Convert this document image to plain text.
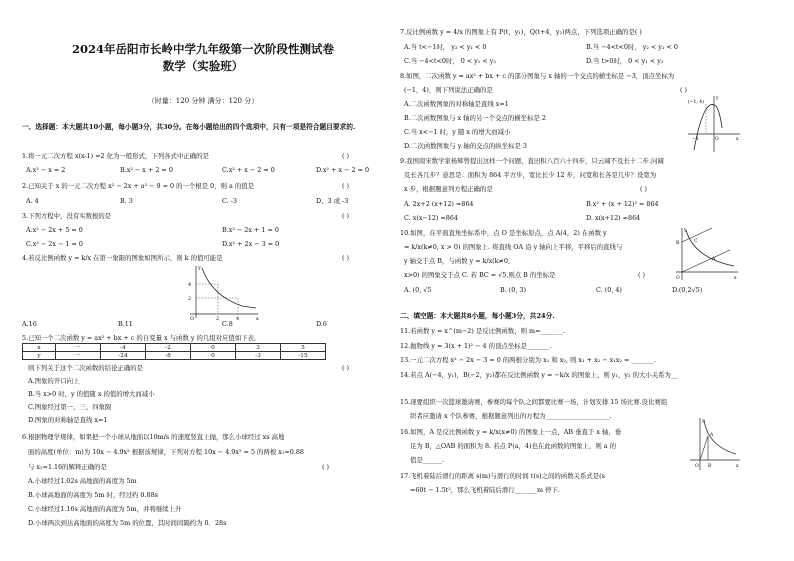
2024年岳阳市长岭中学九年级第一次阶段性测试卷
数学（实验班）
（时量：120 分钟 满分：120 分）
一、选择题：本大题共10小题，每小题3分，共30分。在每小题给出的四个选项中，只有一项是符合题目要求的.
1.将一元二次方程 x(x-1) =2 化为一般形式，下列各式中正确的是	( )
A.x² − x = 2	B.x² − x + 2 = 0	C.x² + x − 2 = 0	D.x² + x − 2 = 0
2.已知关于 x 的一元二次方程 x² − 2x + a² − 9 = 0 的一个根是 0，则 a 的值是	( )
A. 4	B. 3	C. -3	D、3 或 -3
3.下列方程中，没有实数根的是	( )
A.x² − 2x + 5 = 0	B.x² − 2x + 1 = 0
C.x² − 2x − 1 = 0	D.x² + 2x − 3 = 0
4.若反比例函数 y = k/x 在第一象限的图象如图所示，则 k 的值可能是	( )
4
2
2	4
O	x
y
A.16	B.11	C.8	D.6
5.已知一个二次函数 y = ax² + bx + c 的自变量 x 与函数 y 的几组对应值如下表,
x	···	-4	-2	0	3	5
y	···	-24	-8	0	-3	-15
则下列关于这个二次函数的结论正确的是	( )
A.图象的开口向上
B.当 x>0 时，y 的值随 x 的值的增大而减小
C.图象经过第一、三、四象限
D.图象的对称轴是直线 x=1
6.根据物理学规律，如果把一个小球从地面以10m/s 的速度竖直上抛，那么小球经过 xs 高地
面的高度(单位：m)为 10x − 4.9x² 根据该规律，下列对方程 10x − 4.9x² = 5 的两根 x₁≈0.88
与 x₂≈1.16的解释正确的是	( )
A.小球经过1.02s 高地面的高度为 5m
B.小球高地面的高度为 5m 时，经过约 0.88s
C.小球经过1.16s 高地面的高度为 5m，并将继续上升
D.小球两次到达高地面的高度为 5m 的位置，其时间间隔约为 0．28s
7.反比例函数 y = 4/x 的图象上有 P(t，y₁)，Q(t+4，y₂)两点，下列选项正确的是( )
A.当 t<−1时， y₂ < y₁ < 0	B.当 −4<t<0时， y₂ < y₁ < 0
C.当 −4<t<0时， 0 < y₁ < y₂	D.当 t>0时， 0 < y₁ < y₂
8.如图，二次函数 y = ax² + bx + c 的部分图象与 x 轴的一个交点的横坐标是 −3，顶点坐标为
(−1，4)，则下列说法正确的是	( )
A.二次函数图象的对称轴是直线 x=1
B.二次函数图象与 x 轴的另一个交点的横坐标是 2
C.当 x<−1 时，y 随 x 的增大而减小
D.二次函数图象与 y 轴的交点的纵坐标是 3
(−1, 4)
−3	O	x
y
9.我国南宋数学家杨辉曾提出这样一个问题，直田积八百六十四步，只云阔不及长十二步.问阔
及长各几步？意思是：面积为 864 平方步，宽比长少 12 步，问宽和长各是几步？设宽为
x 步，根据题意列方程正确的是	( )
A. 2x+2 (x+12) =864	B.x² + (x + 12)² = 864
C. x(x−12) =864	D. x(x+12) =864
10.如图，在平面直角坐标系中，点 O 是坐标原点，点 A(4，2) 在函数 y
= k/x(k≠0, x > 0) 的图象上. 将直线 OA 沿 y 轴向上平移，平移后的直线与
y 轴交于点 B，与函数 y = k/x(k≠0,
x>0) 的图象交于点 C. 若 BC = √5,则点 B 的坐标是	( )
A. (0, √5	B. (0, 3)	C. (0, 4)	D.(0,2√5)
B	C
A
O	x
y
二、填空题：本大题共8小题，每小题3分，共24分.
11.若函数 y = x^(m−2) 是反比例函数，则 m=_______.
12.抛物线 y = 3(x + 1)² − 4 的顶点坐标是_______.
13.一元二次方程 x² − 2x − 3 = 0 的两根分别为 x₁ 和 x₂, 则 x₁ + x₂ − x₁x₂ = _______.
14.若点 A(−4，y₁)，B(−2，y₂)都在反比例函数 y = −k/x 的图象上，则 y₁，y₂ 的大小关系为__
15.现要组织一次篮球邀请赛，参赛的每个队之间都要比赛一场，计划安排 15 场比赛.设比赛组
织者应邀请 x 个队参赛，根据题意列出的方程为____________________.
16.如图，A 是反比例函数 y = k/x(x≠0) 的图象上一点，AB 垂直于 x 轴，垂
足为 B，△OAB 的面积为 8. 若点 P(a，4)也在此函数的图象上，则 a 的
值是______.
A
B
O	x
y
17.飞机着陆后滑行的距离 s(m)与滑行的时间 t(s)之间的函数关系式是(s
=60t − 1.5t²，那么飞机着陆后滑行_______m 停下.
